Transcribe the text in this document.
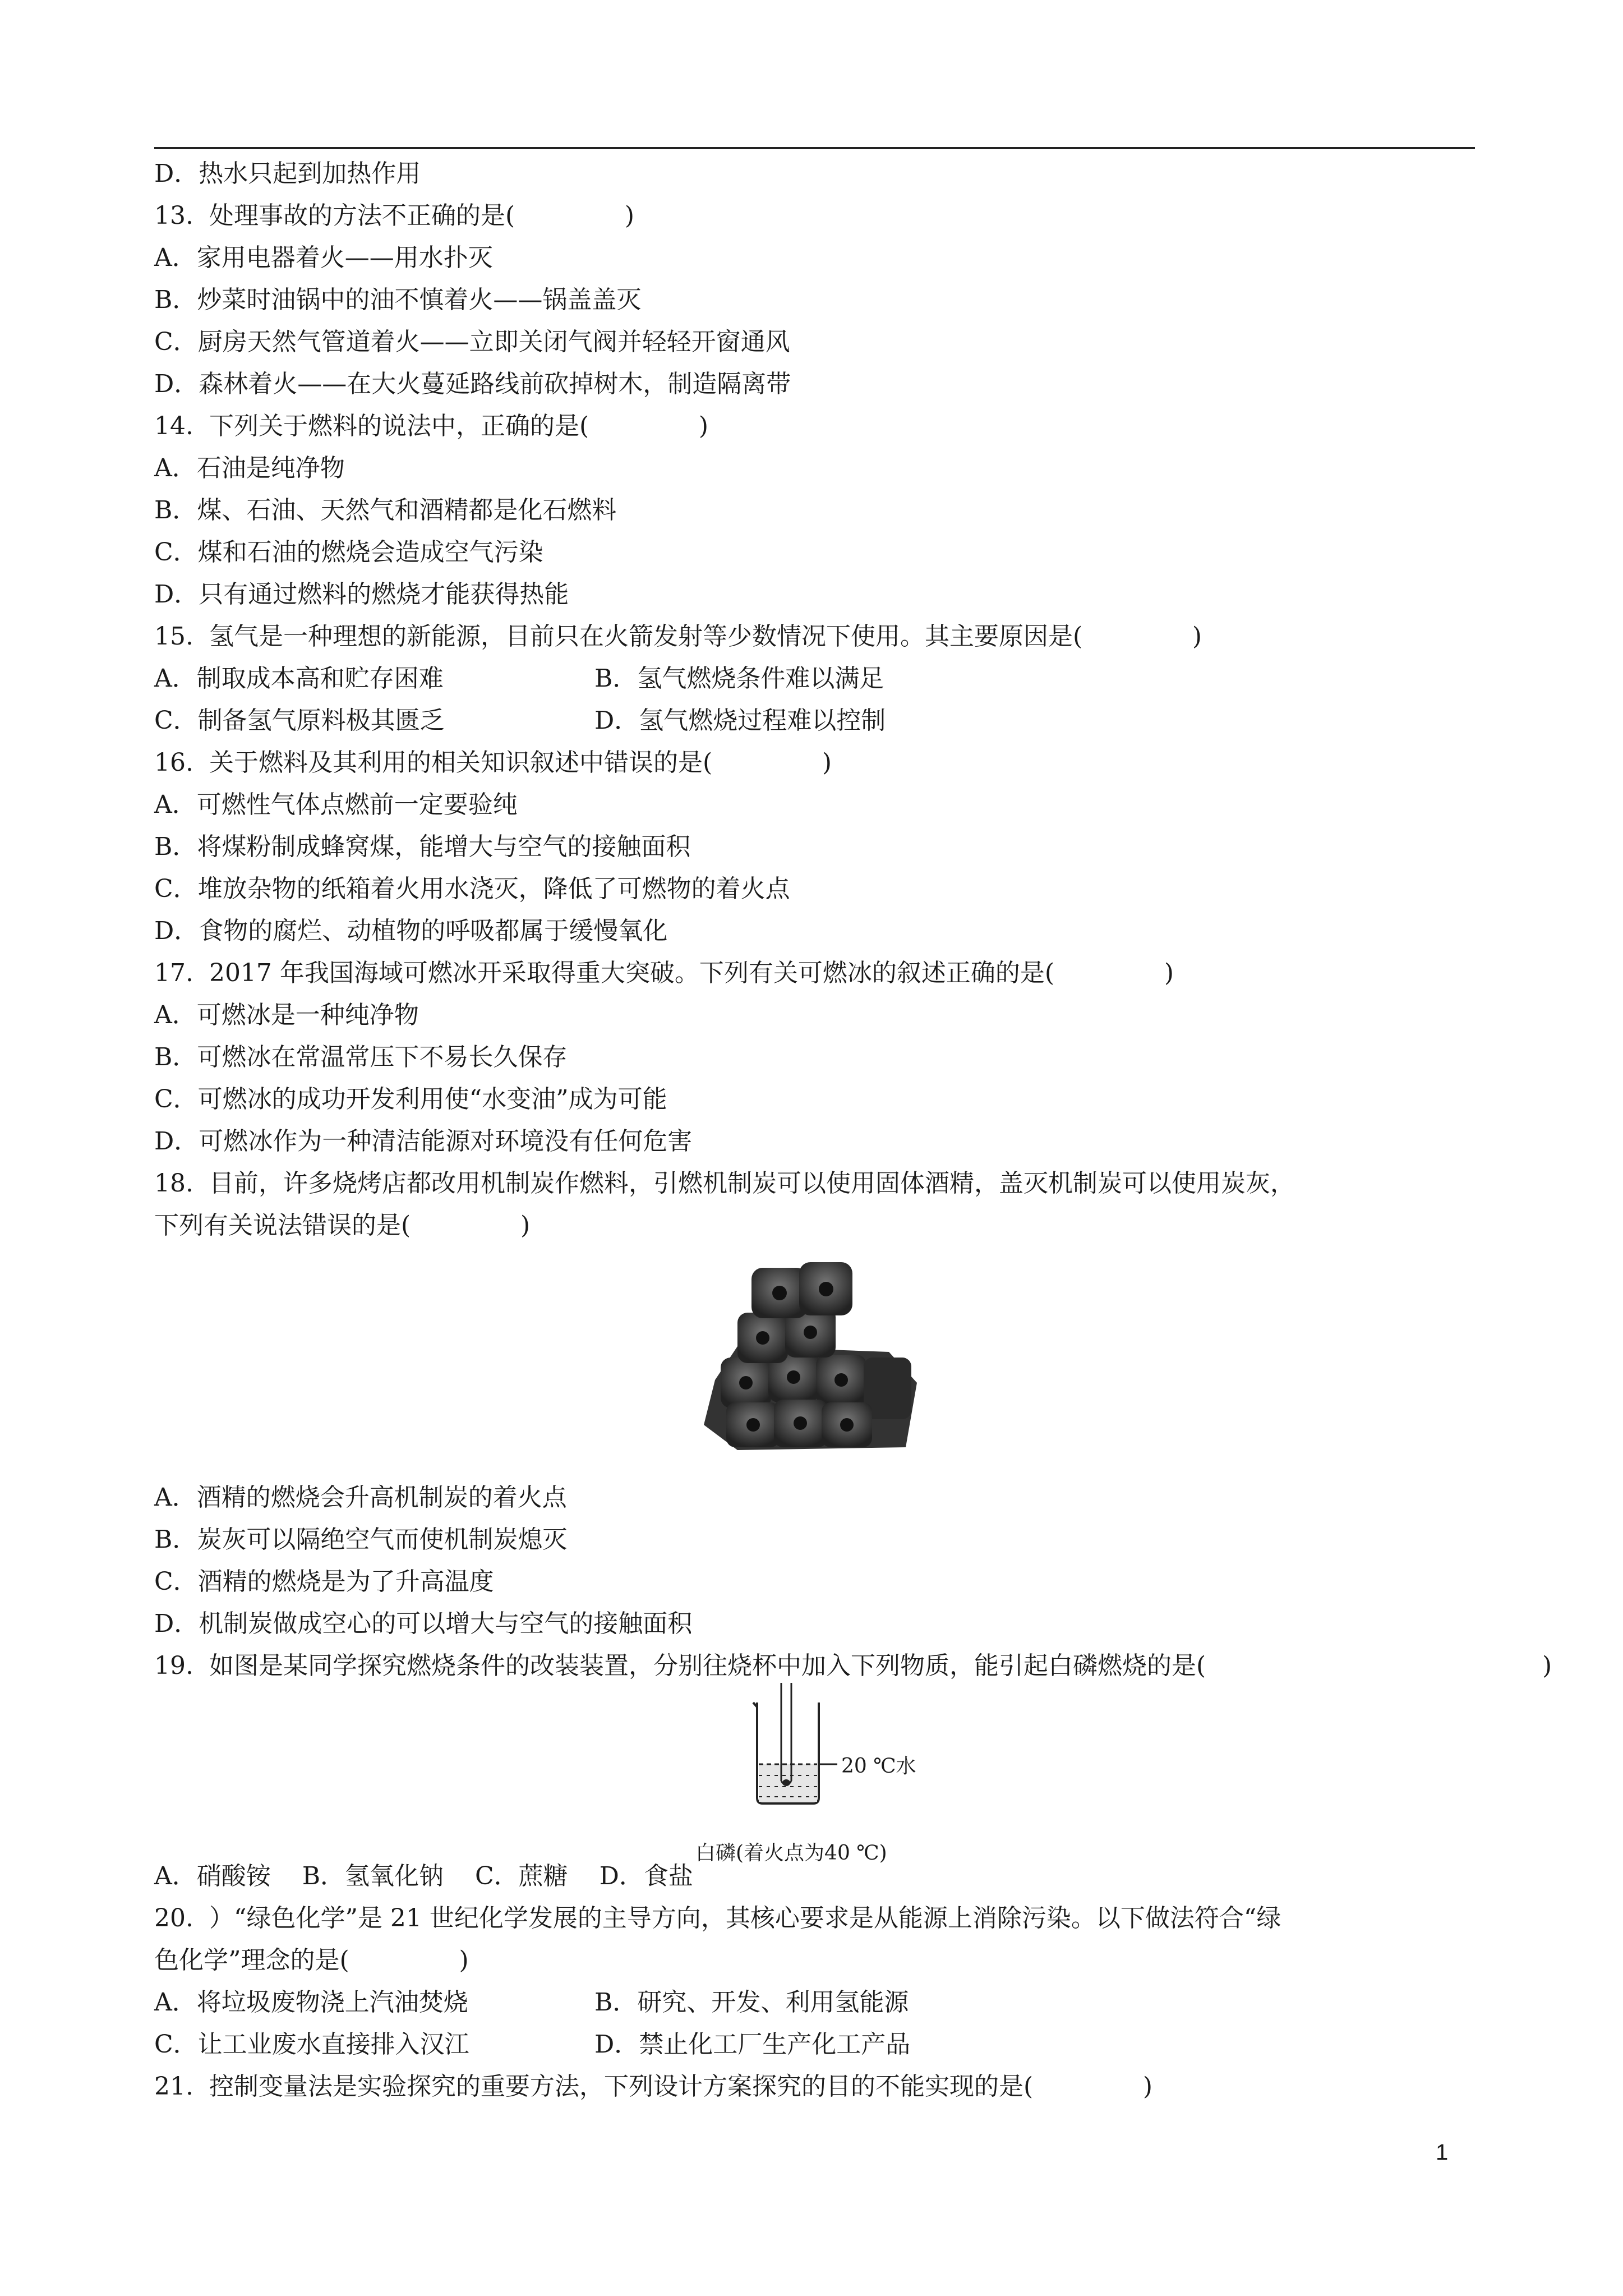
D．热水只起到加热作用
13.  处理事故的方法不正确的是(              )
A．家用电器着火——用水扑灭
B．炒菜时油锅中的油不慎着火——锅盖盖灭
C．厨房天然气管道着火——立即关闭气阀并轻轻开窗通风
D．森林着火——在大火蔓延路线前砍掉树木，制造隔离带
14.  下列关于燃料的说法中，正确的是(              )
A．石油是纯净物
B．煤、石油、天然气和酒精都是化石燃料
C．煤和石油的燃烧会造成空气污染
D．只有通过燃料的燃烧才能获得热能
15.  氢气是一种理想的新能源，目前只在火箭发射等少数情况下使用。其主要原因是(              )
A．制取成本高和贮存困难	B．氢气燃烧条件难以满足
C．制备氢气原料极其匮乏	D．氢气燃烧过程难以控制
16.  关于燃料及其利用的相关知识叙述中错误的是(              )
A．可燃性气体点燃前一定要验纯
B．将煤粉制成蜂窝煤，能增大与空气的接触面积
C．堆放杂物的纸箱着火用水浇灭，降低了可燃物的着火点
D．食物的腐烂、动植物的呼吸都属于缓慢氧化
17.  2017 年我国海域可燃冰开采取得重大突破。下列有关可燃冰的叙述正确的是(              )
A．可燃冰是一种纯净物
B．可燃冰在常温常压下不易长久保存
C．可燃冰的成功开发利用使“水变油”成为可能
D．可燃冰作为一种清洁能源对环境没有任何危害
18.  目前，许多烧烤店都改用机制炭作燃料，引燃机制炭可以使用固体酒精，盖灭机制炭可以使用炭灰，
下列有关说法错误的是(              )
A．酒精的燃烧会升高机制炭的着火点
B．炭灰可以隔绝空气而使机制炭熄灭
C．酒精的燃烧是为了升高温度
D．机制炭做成空心的可以增大与空气的接触面积
19.  如图是某同学探究燃烧条件的改装装置，分别往烧杯中加入下列物质，能引起白磷燃烧的是(	)
20 ℃水
白磷(着火点为40 ℃)
A．硝酸铵    B．氢氧化钠    C．蔗糖    D．食盐
20.  ）“绿色化学”是 21 世纪化学发展的主导方向，其核心要求是从能源上消除污染。以下做法符合“绿
色化学”理念的是(              )
A．将垃圾废物浇上汽油焚烧	B．研究、开发、利用氢能源
C．让工业废水直接排入汉江	D．禁止化工厂生产化工产品
21.  控制变量法是实验探究的重要方法，下列设计方案探究的目的不能实现的是(              )
1
